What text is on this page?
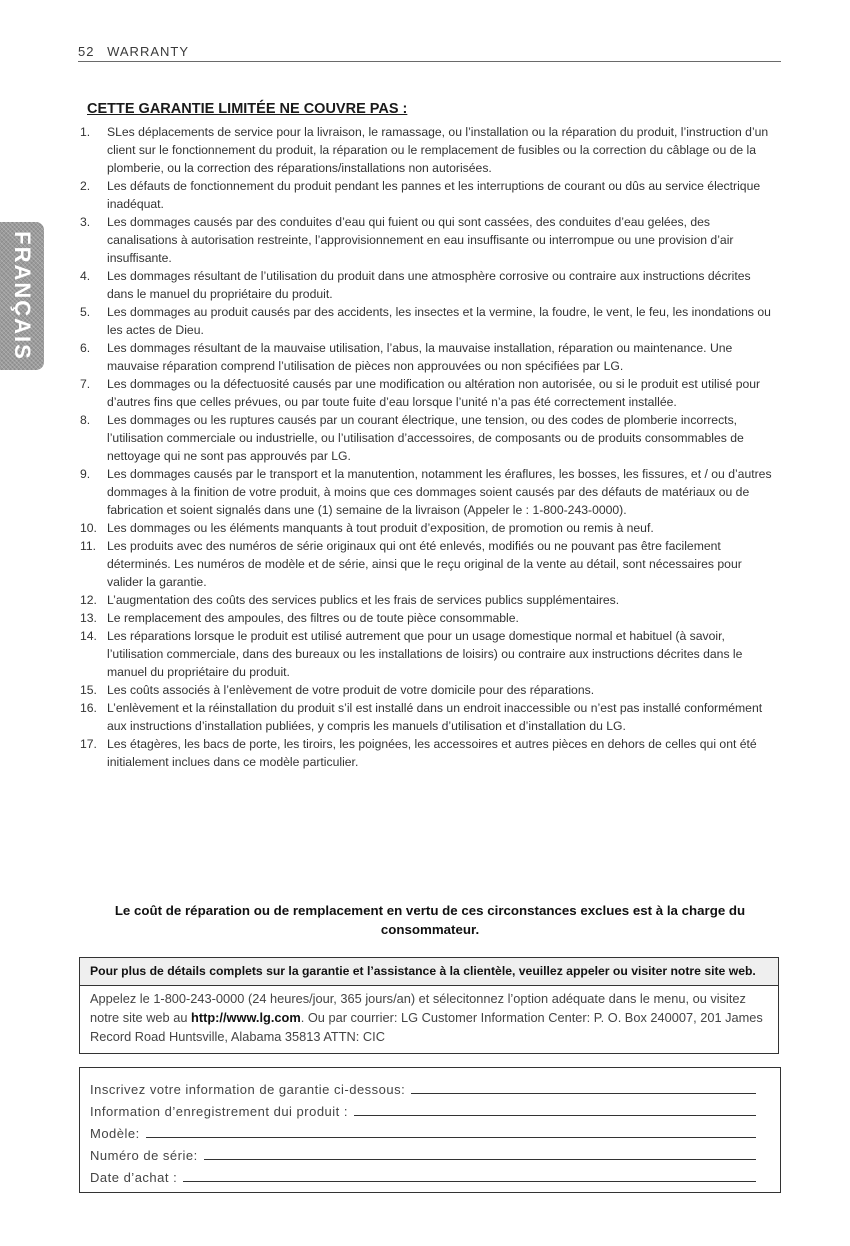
52 WARRANTY
FRANÇAIS
CETTE GARANTIE LIMITÉE NE COUVRE PAS :
1.	SLes déplacements de service pour la livraison, le ramassage, ou l’installation ou la réparation du produit, l’instruction d’un client sur le fonctionnement du produit, la réparation ou le remplacement de fusibles ou la correction du câblage ou de la plomberie, ou la correction des réparations/installations non autorisées.
2.	Les défauts de fonctionnement du produit pendant les pannes et les interruptions de courant ou dûs au service électrique inadéquat.
3.	Les dommages causés par des conduites d’eau qui fuient ou qui sont cassées, des conduites d’eau gelées, des canalisations à autorisation restreinte, l’approvisionnement en eau insuffisante ou interrompue ou une provision d’air insuffisante.
4.	Les dommages résultant de l’utilisation du produit dans une atmosphère corrosive ou contraire aux instructions décrites dans le manuel du propriétaire du produit.
5.	Les dommages au produit causés par des accidents, les insectes et la vermine, la foudre, le vent, le feu, les inondations ou les actes de Dieu.
6.	Les dommages résultant de la mauvaise utilisation, l’abus, la mauvaise installation, réparation ou maintenance. Une mauvaise réparation comprend l’utilisation de pièces non approuvées ou non spécifiées par LG.
7.	Les dommages ou la défectuosité causés par une modification ou altération non autorisée, ou si le produit est utilisé pour d’autres fins que celles prévues, ou par toute fuite d’eau lorsque l’unité n’a pas été correctement installée.
8.	Les dommages ou les ruptures causés par un courant électrique, une tension, ou des codes de plomberie incorrects, l’utilisation commerciale ou industrielle, ou l’utilisation d’accessoires, de composants ou de produits consommables de nettoyage qui ne sont pas approuvés par LG.
9.	Les dommages causés par le transport et la manutention, notamment les éraflures, les bosses, les fissures, et / ou d’autres dommages à la finition de votre produit, à moins que ces dommages soient causés par des défauts de matériaux ou de fabrication et soient signalés dans une (1) semaine de la livraison (Appeler le : 1-800-243-0000).
10. Les dommages ou les éléments manquants à tout produit d’exposition, de promotion ou remis à neuf.
11. Les produits avec des numéros de série originaux qui ont été enlevés, modifiés ou ne pouvant pas être facilement déterminés. Les numéros de modèle et de série, ainsi que le reçu original de la vente au détail, sont nécessaires pour valider la garantie.
12. L’augmentation des coûts des services publics et les frais de services publics supplémentaires.
13. Le remplacement des ampoules, des filtres ou de toute pièce consommable.
14. Les réparations lorsque le produit est utilisé autrement que pour un usage domestique normal et habituel (à savoir, l’utilisation commerciale, dans des bureaux ou les installations de loisirs) ou contraire aux instructions décrites dans le manuel du propriétaire du produit.
15. Les coûts associés à l’enlèvement de votre produit de votre domicile pour des réparations.
16. L’enlèvement et la réinstallation du produit s’il est installé dans un endroit inaccessible ou n’est pas installé conformément aux instructions d’installation publiées, y compris les manuels d’utilisation et d’installation du LG.
17. Les étagères, les bacs de porte, les tiroirs, les poignées, les accessoires et autres pièces en dehors de celles qui ont été initialement inclues dans ce modèle particulier.
Le coût de réparation ou de remplacement en vertu de ces circonstances exclues est à la charge du consommateur.
Pour plus de détails complets sur la garantie et l’assistance à la clientèle, veuillez appeler ou visiter notre site web.
Appelez le 1-800-243-0000 (24 heures/jour, 365 jours/an) et sélecitonnez l’option adéquate dans le menu, ou visitez notre site web au http://www.lg.com. Ou par courrier: LG Customer Information Center: P. O. Box 240007, 201 James Record Road Huntsville, Alabama 35813 ATTN: CIC
Inscrivez votre information de garantie ci-dessous:
Information d’enregistrement dui produit :
Modèle:
Numéro de série:
Date d’achat :
